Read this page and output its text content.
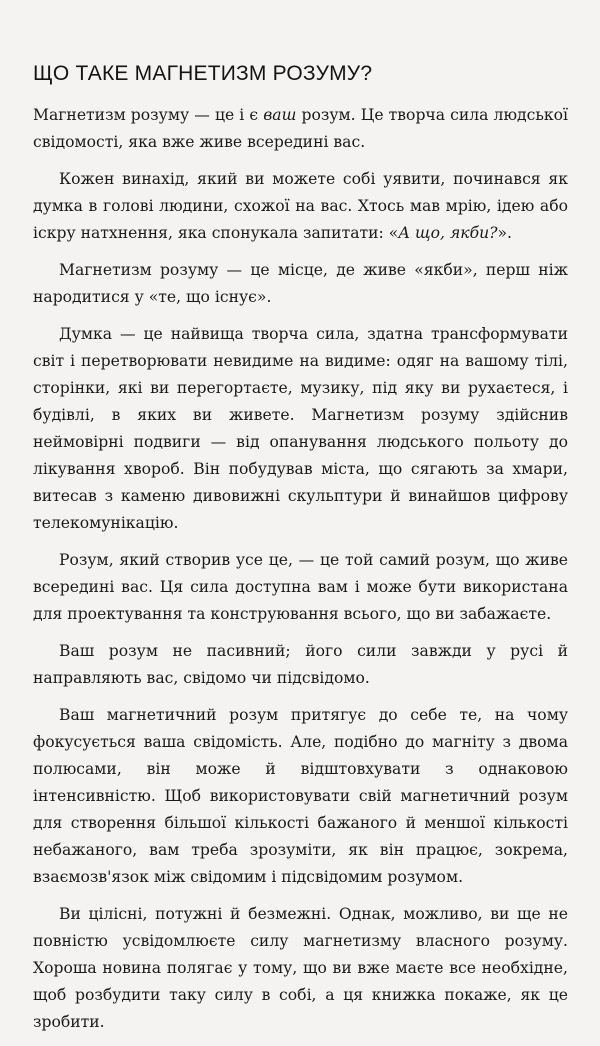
ЩО ТАКЕ МАГНЕТИЗМ РОЗУМУ?

Магнетизм розуму — це і є ваш розум. Це творча сила людської свідомості, яка вже живе всередині вас.

Кожен винахід, який ви можете собі уявити, починався як думка в голові людини, схожої на вас. Хтось мав мрію, ідею або іскру натхнення, яка спонукала запитати: «А що, якби?».

Магнетизм розуму — це місце, де живе «якби», перш ніж народитися у «те, що існує».

Думка — це найвища творча сила, здатна трансформувати світ і перетворювати невидиме на видиме: одяг на вашому тілі, сторінки, які ви перегортаєте, музику, під яку ви рухаєтеся, і будівлі, в яких ви живете. Магнетизм розуму здійснив неймовірні подвиги — від опанування людського польоту до лікування хвороб. Він побудував міста, що сягають за хмари, витесав з каменю дивовижні скульптури й винайшов цифрову телекомунікацію.

Розум, який створив усе це, — це той самий розум, що живе всередині вас. Ця сила доступна вам і може бути використана для проектування та конструювання всього, що ви забажаєте.

Ваш розум не пасивний; його сили завжди у русі й направляють вас, свідомо чи підсвідомо.

Ваш магнетичний розум притягує до себе те, на чому фокусується ваша свідомість. Але, подібно до магніту з двома полюсами, він може й відштовхувати з однаковою інтенсивністю. Щоб використовувати свій магнетичний розум для створення більшої кількості бажаного й меншої кількості небажаного, вам треба зрозуміти, як він працює, зокрема, взаємозв'язок між свідомим і підсвідомим розумом.

Ви цілісні, потужні й безмежні. Однак, можливо, ви ще не повністю усвідомлюєте силу магнетизму власного розуму. Хороша новина полягає у тому, що ви вже маєте все необхідне, щоб розбудити таку силу в собі, а ця книжка покаже, як це зробити.
